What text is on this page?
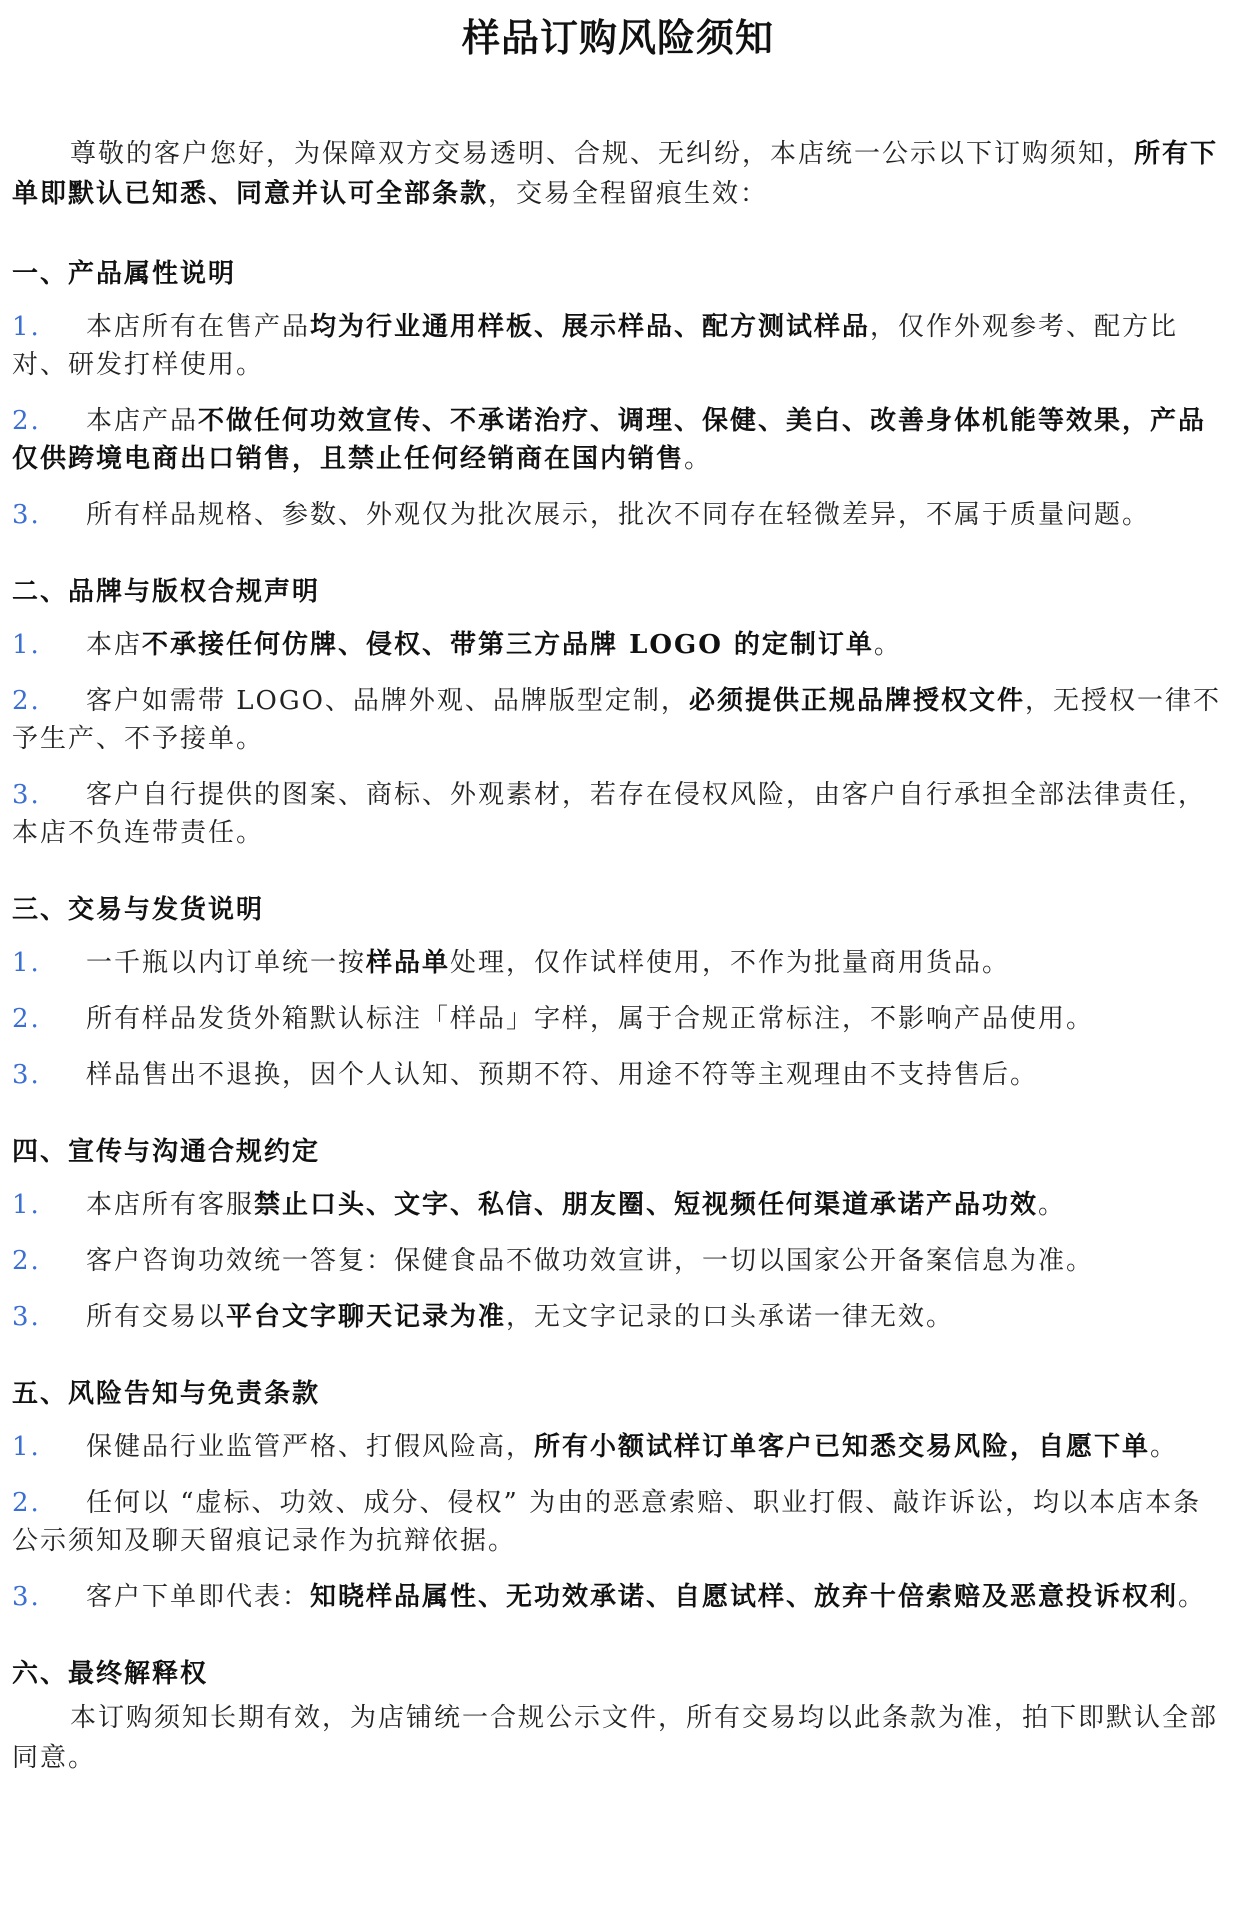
样品订购风险须知

尊敬的客户您好，为保障双方交易透明、合规、无纠纷，本店统一公示以下订购须知，所有下单即默认已知悉、同意并认可全部条款，交易全程留痕生效：

一、产品属性说明
1. 本店所有在售产品均为行业通用样板、展示样品、配方测试样品，仅作外观参考、配方比对、研发打样使用。
2. 本店产品不做任何功效宣传、不承诺治疗、调理、保健、美白、改善身体机能等效果，产品仅供跨境电商出口销售，且禁止任何经销商在国内销售。
3. 所有样品规格、参数、外观仅为批次展示，批次不同存在轻微差异，不属于质量问题。
二、品牌与版权合规声明
1. 本店不承接任何仿牌、侵权、带第三方品牌 LOGO 的定制订单。
2. 客户如需带 LOGO、品牌外观、品牌版型定制，必须提供正规品牌授权文件，无授权一律不予生产、不予接单。
3. 客户自行提供的图案、商标、外观素材，若存在侵权风险，由客户自行承担全部法律责任，本店不负连带责任。
三、交易与发货说明
1. 一千瓶以内订单统一按样品单处理，仅作试样使用，不作为批量商用货品。
2. 所有样品发货外箱默认标注「样品」字样，属于合规正常标注，不影响产品使用。
3. 样品售出不退换，因个人认知、预期不符、用途不符等主观理由不支持售后。
四、宣传与沟通合规约定
1. 本店所有客服禁止口头、文字、私信、朋友圈、短视频任何渠道承诺产品功效。
2. 客户咨询功效统一答复：保健食品不做功效宣讲，一切以国家公开备案信息为准。
3. 所有交易以平台文字聊天记录为准，无文字记录的口头承诺一律无效。
五、风险告知与免责条款
1. 保健品行业监管严格、打假风险高，所有小额试样订单客户已知悉交易风险，自愿下单。
2. 任何以 “虚标、功效、成分、侵权” 为由的恶意索赔、职业打假、敲诈诉讼，均以本店本条公示须知及聊天留痕记录作为抗辩依据。
3. 客户下单即代表：知晓样品属性、无功效承诺、自愿试样、放弃十倍索赔及恶意投诉权利。
六、最终解释权
本订购须知长期有效，为店铺统一合规公示文件，所有交易均以此条款为准，拍下即默认全部同意。
